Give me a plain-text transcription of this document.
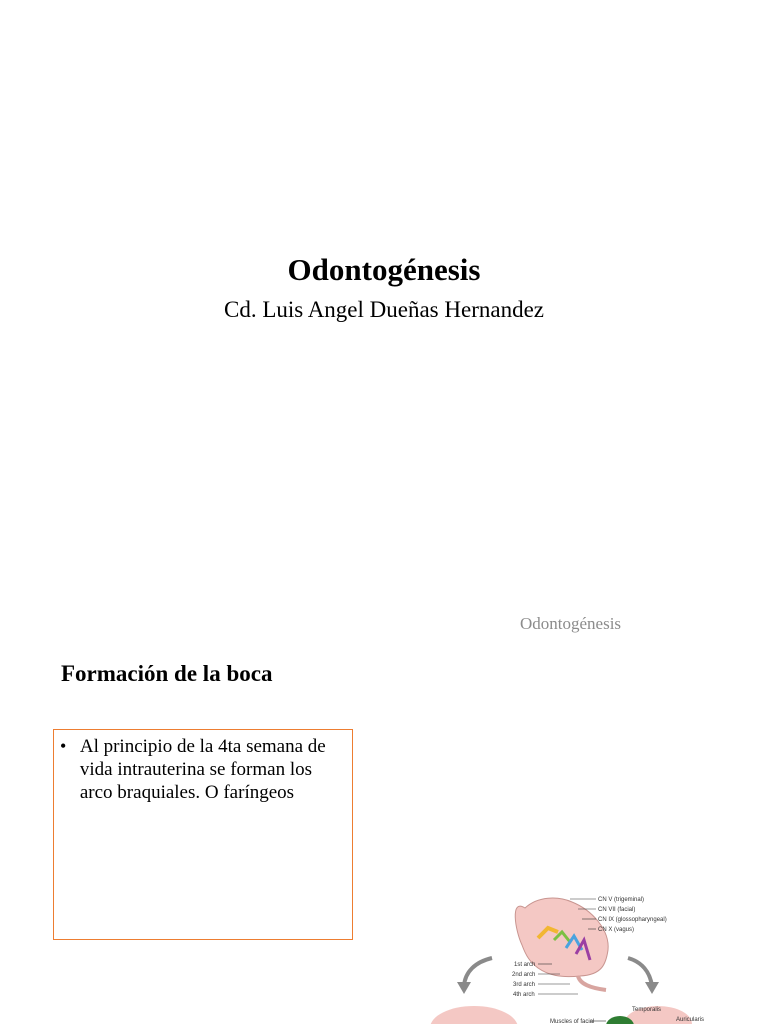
Odontogénesis
Cd. Luis Angel Dueñas Hernandez
Odontogénesis
Formación de la boca
• Al principio de la 4ta semana de vida intrauterina se forman los arco braquiales. O faríngeos
CN V (trigeminal)
CN VII (facial)
CN IX (glossopharyngeal)
CN X (vagus)
1st arch
2nd arch
3rd arch
4th arch
Muscles of facial
Temporalis
Auricularis
